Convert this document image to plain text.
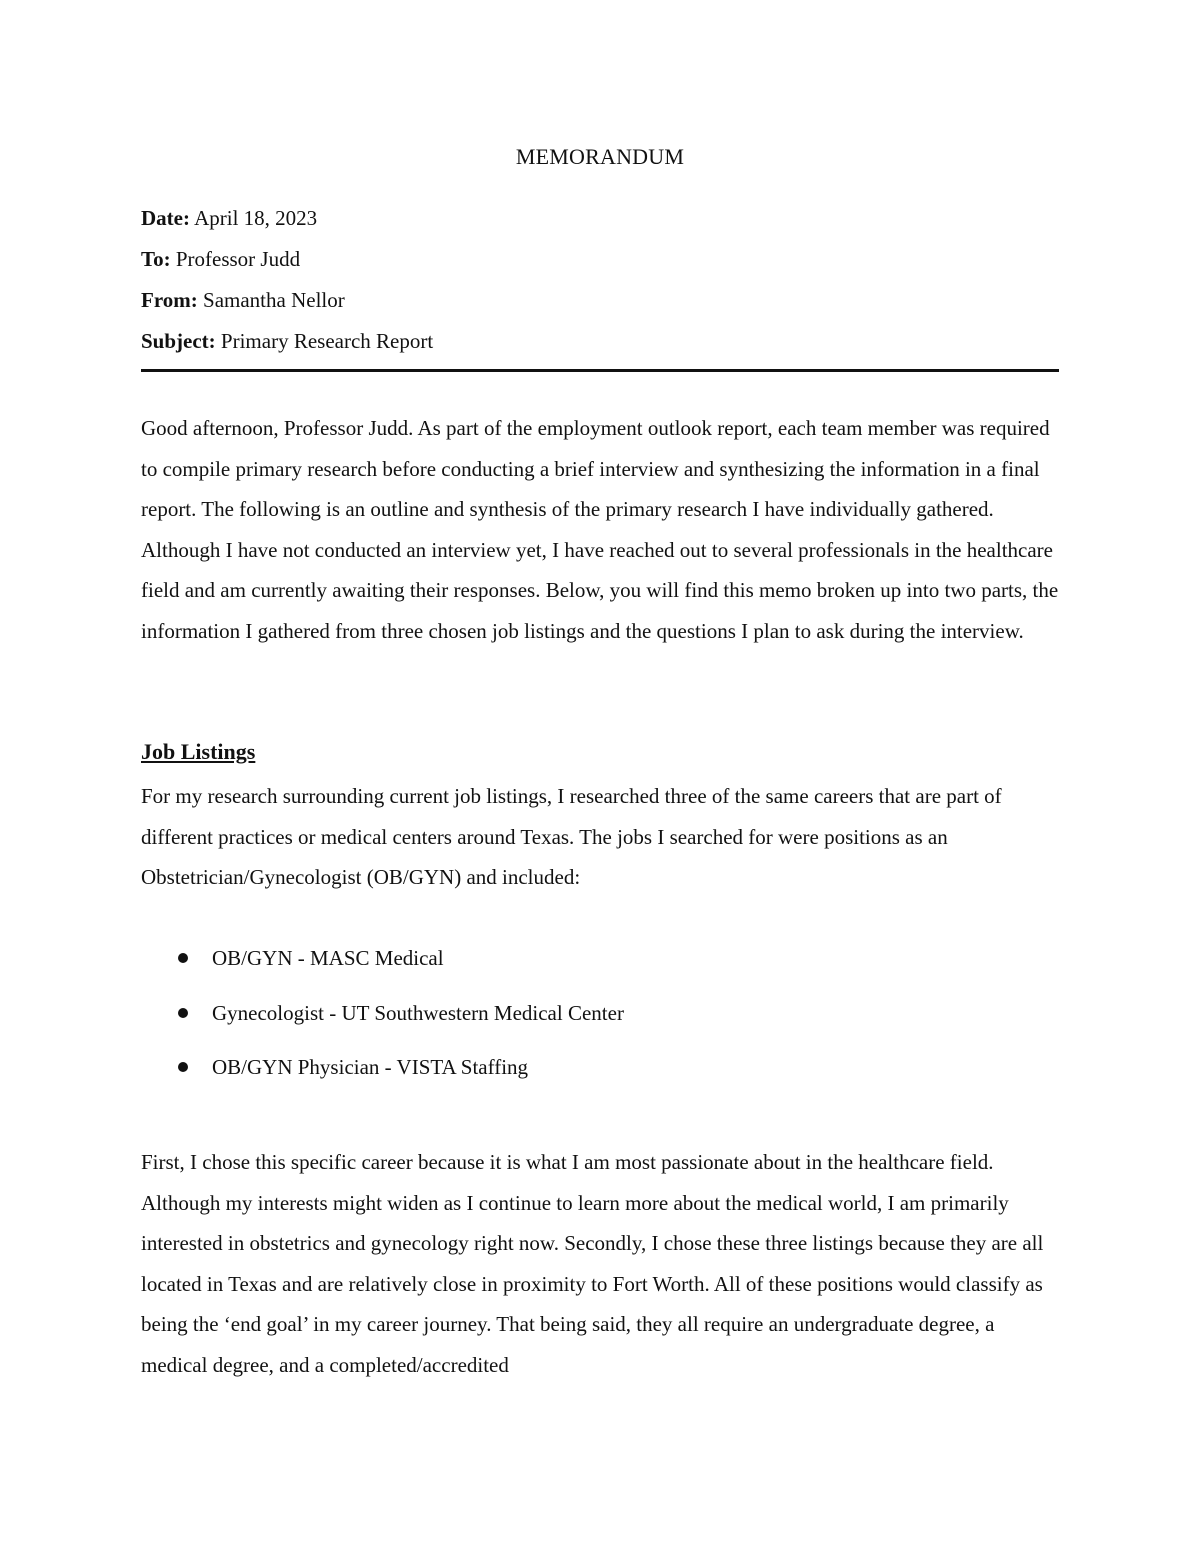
MEMORANDUM
Date: April 18, 2023
To: Professor Judd
From: Samantha Nellor
Subject: Primary Research Report

Good afternoon, Professor Judd. As part of the employment outlook report, each team member was required to compile primary research before conducting a brief interview and synthesizing the information in a final report. The following is an outline and synthesis of the primary research I have individually gathered. Although I have not conducted an interview yet, I have reached out to several professionals in the healthcare field and am currently awaiting their responses. Below, you will find this memo broken up into two parts, the information I gathered from three chosen job listings and the questions I plan to ask during the interview.

Job Listings

For my research surrounding current job listings, I researched three of the same careers that are part of different practices or medical centers around Texas. The jobs I searched for were positions as an Obstetrician/Gynecologist (OB/GYN) and included:

OB/GYN - MASC Medical
Gynecologist - UT Southwestern Medical Center
OB/GYN Physician - VISTA Staffing

First, I chose this specific career because it is what I am most passionate about in the healthcare field. Although my interests might widen as I continue to learn more about the medical world, I am primarily interested in obstetrics and gynecology right now. Secondly, I chose these three listings because they are all located in Texas and are relatively close in proximity to Fort Worth. All of these positions would classify as being the ‘end goal’ in my career journey. That being said, they all require an undergraduate degree, a medical degree, and a completed/accredited
